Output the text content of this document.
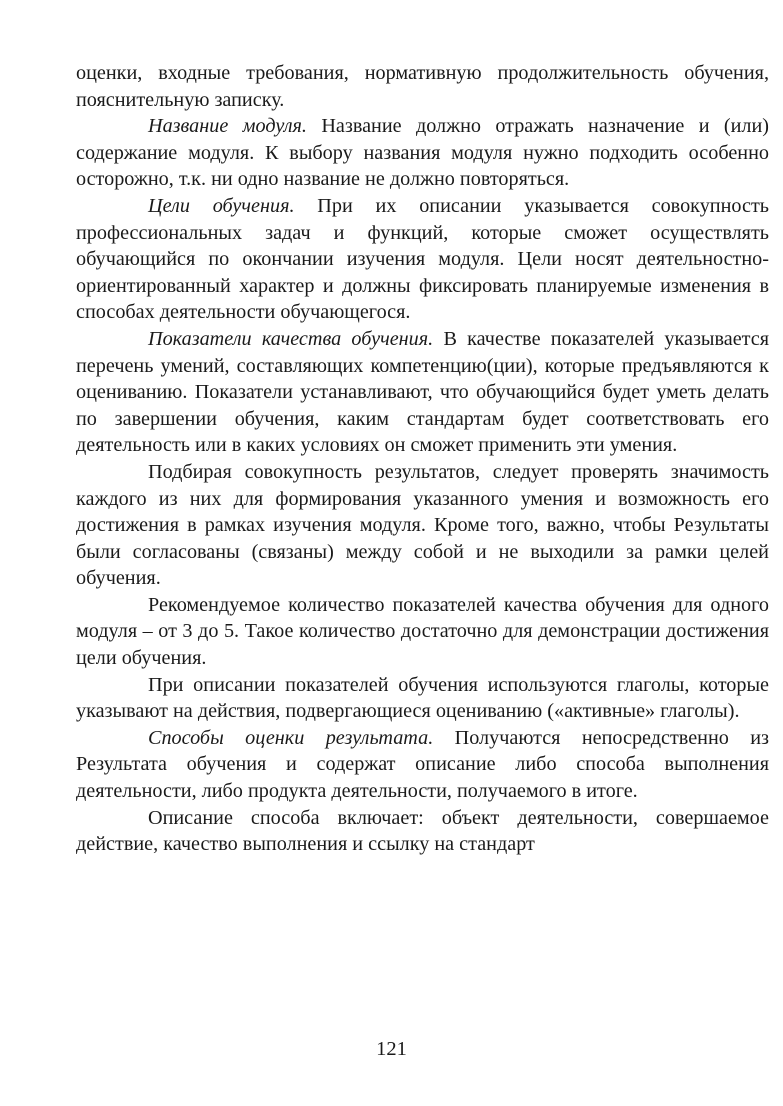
оценки, входные требования, нормативную продолжительность обучения, пояснительную записку.

Название модуля. Название должно отражать назначение и (или) содержание модуля. К выбору названия модуля нужно подходить особенно осторожно, т.к. ни одно название не должно повторяться.

Цели обучения. При их описании указывается совокупность профессиональных задач и функций, которые сможет осуществлять обучающийся по окончании изучения модуля. Цели носят деятельностно-ориентированный характер и должны фиксировать планируемые изменения в способах деятельности обучающегося.

Показатели качества обучения. В качестве показателей указывается перечень умений, составляющих компетенцию(ции), которые предъявляются к оцениванию. Показатели устанавливают, что обучающийся будет уметь делать по завершении обучения, каким стандартам будет соответствовать его деятельность или в каких условиях он сможет применить эти умения.

Подбирая совокупность результатов, следует проверять значимость каждого из них для формирования указанного умения и возможность его достижения в рамках изучения модуля. Кроме того, важно, чтобы Результаты были согласованы (связаны) между собой и не выходили за рамки целей обучения.

Рекомендуемое количество показателей качества обучения для одного модуля – от 3 до 5. Такое количество достаточно для демонстрации достижения цели обучения.

При описании показателей обучения используются глаголы, которые указывают на действия, подвергающиеся оцениванию («активные» глаголы).

Способы оценки результата. Получаются непосредственно из Результата обучения и содержат описание либо способа выполнения деятельности, либо продукта деятельности, получаемого в итоге.

Описание способа включает: объект деятельности, совершаемое действие, качество выполнения и ссылку на стандарт

121
